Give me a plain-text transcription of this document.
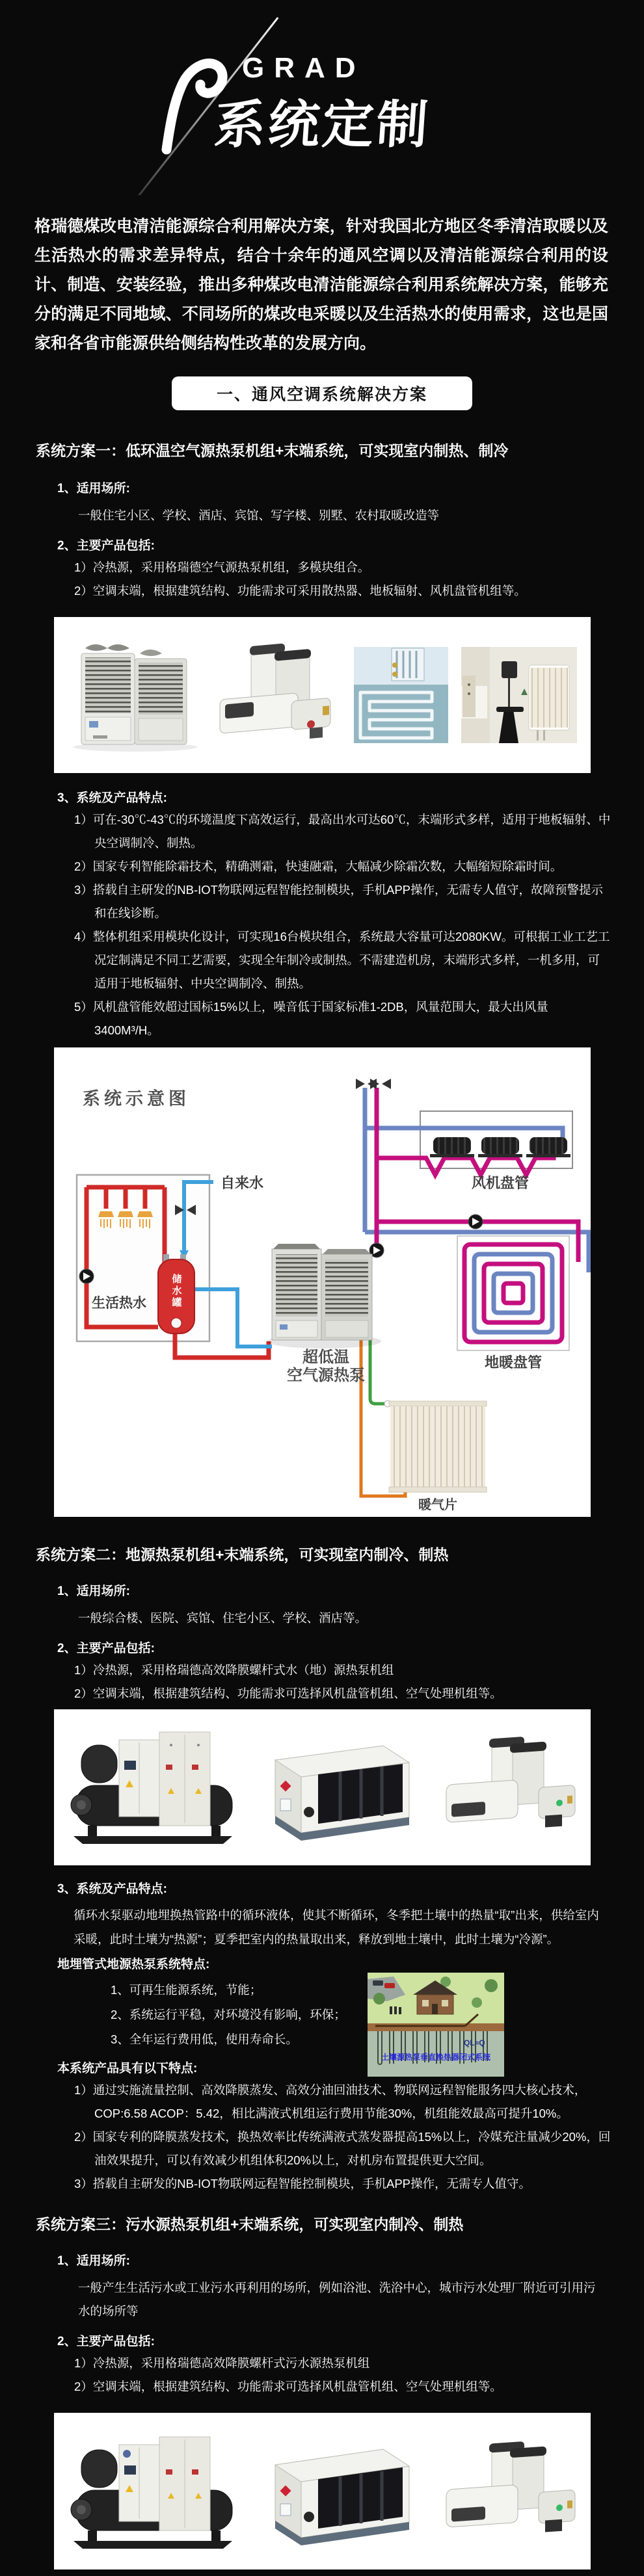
GRAD
系统定制

格瑞德煤改电清洁能源综合利用解决方案，针对我国北方地区冬季清洁取暖以及生活热水的需求差异特点，结合十余年的通风空调以及清洁能源综合利用的设计、制造、安装经验，推出多种煤改电清洁能源综合利用系统解决方案，能够充分的满足不同地域、不同场所的煤改电采暖以及生活热水的使用需求，这也是国家和各省市能源供给侧结构性改革的发展方向。

一、通风空调系统解决方案
系统方案一：低环温空气源热泵机组+末端系统，可实现室内制热、制冷
1、适用场所:
一般住宅小区、学校、酒店、宾馆、写字楼、别墅、农村取暖改造等
2、主要产品包括:
1）冷热源，采用格瑞德空气源热泵机组，多模块组合。
2）空调末端，根据建筑结构、功能需求可采用散热器、地板辐射、风机盘管机组等。
3、系统及产品特点:
1）可在-30℃-43℃的环境温度下高效运行，最高出水可达60℃，末端形式多样，适用于地板辐射、中央空调制冷、制热。
2）国家专利智能除霜技术，精确测霜，快速融霜，大幅减少除霜次数，大幅缩短除霜时间。
3）搭载自主研发的NB-IOT物联网远程智能控制模块，手机APP操作，无需专人值守，故障预警提示和在线诊断。
4）整体机组采用模块化设计，可实现16台模块组合，系统最大容量可达2080KW。可根据工业工艺工况定制满足不同工艺需要，实现全年制冷或制热。不需建造机房，末端形式多样，一机多用，可适用于地板辐射、中央空调制冷、制热。
5）风机盘管能效超过国标15%以上，噪音低于国家标准1-2DB，风量范围大，最大出风量3400M³/H。
系统示意图
储水罐
自来水	风机盘管
生活热水
超低温
空气源热泵
地暖盘管
暖气片
系统方案二：地源热泵机组+末端系统，可实现室内制冷、制热
1、适用场所:
一般综合楼、医院、宾馆、住宅小区、学校、酒店等。
2、主要产品包括:
1）冷热源，采用格瑞德高效降膜螺杆式水（地）源热泵机组
2）空调末端，根据建筑结构、功能需求可选择风机盘管机组、空气处理机组等。
3、系统及产品特点:
循环水泵驱动地埋换热管路中的循环液体，使其不断循环，冬季把土壤中的热量“取”出来，供给室内采暖，此时土壤为“热源”；夏季把室内的热量取出来，释放到地土壤中，此时土壤为“冷源”。
地埋管式地源热泵系统特点:
1、可再生能源系统，节能；
2、系统运行平稳，对环境没有影响，环保；
3、全年运行费用低，使用寿命长。	QL≈Q
土壤源热泵垂直换热器闭式系统
本系统产品具有以下特点:
1）通过实施流量控制、高效降膜蒸发、高效分油回油技术、物联网远程智能服务四大核心技术，COP:6.58 ACOP：5.42，相比满液式机组运行费用节能30%，机组能效最高可提升10%。
2）国家专利的降膜蒸发技术，换热效率比传统满液式蒸发器提高15%以上，冷媒充注量减少20%，回油效果提升，可以有效减少机组体积20%以上，对机房布置提供更大空间。
3）搭载自主研发的NB-IOT物联网远程智能控制模块，手机APP操作，无需专人值守。
系统方案三：污水源热泵机组+末端系统，可实现室内制冷、制热
1、适用场所:
一般产生生活污水或工业污水再利用的场所，例如浴池、洗浴中心，城市污水处理厂附近可引用污水的场所等
2、主要产品包括:
1）冷热源，采用格瑞德高效降膜螺杆式污水源热泵机组
2）空调末端，根据建筑结构、功能需求可选择风机盘管机组、空气处理机组等。
